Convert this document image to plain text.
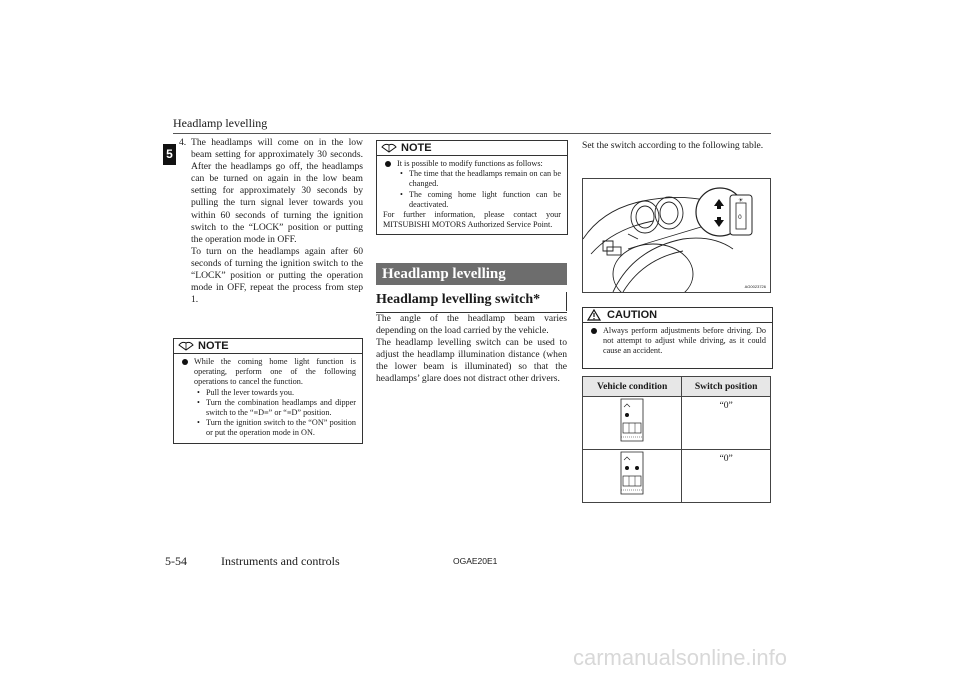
Headlamp levelling
5
4. The headlamps will come on in the low beam setting for approximately 30 seconds. After the headlamps go off, the headlamps can be turned on again in the low beam setting for approximately 30 seconds by pulling the turn signal lever towards you within 60 seconds of turning the ignition switch to the “LOCK” position or putting the operation mode in OFF.
To turn on the headlamps again after 60 seconds of turning the ignition switch to the “LOCK” position or putting the operation mode in OFF, repeat the process from step 1.
NOTE
While the coming home light function is operating, perform one of the following operations to cancel the function.
• Pull the lever towards you.
• Turn the combination headlamps and dipper switch to the “≡D≡” or “≡D” position.
• Turn the ignition switch to the “ON” position or put the operation mode in ON.
NOTE
It is possible to modify functions as follows:
• The time that the headlamps remain on can be changed.
• The coming home light function can be deactivated.
For further information, please contact your MITSUBISHI MOTORS Authorized Service Point.
Headlamp levelling
Headlamp levelling switch*
The angle of the headlamp beam varies depending on the load carried by the vehicle.
The headlamp levelling switch can be used to adjust the headlamp illumination distance (when the lower beam is illuminated) so that the headlamps’ glare does not distract other drivers.
Set the switch according to the following table.
☀
0
AG0023726
CAUTION
Always perform adjustments before driving. Do not attempt to adjust while driving, as it could cause an accident.
Vehicle condition	Switch position
	“0”
	“0”
5-54	Instruments and controls	OGAE20E1
carmanualsonline.info
